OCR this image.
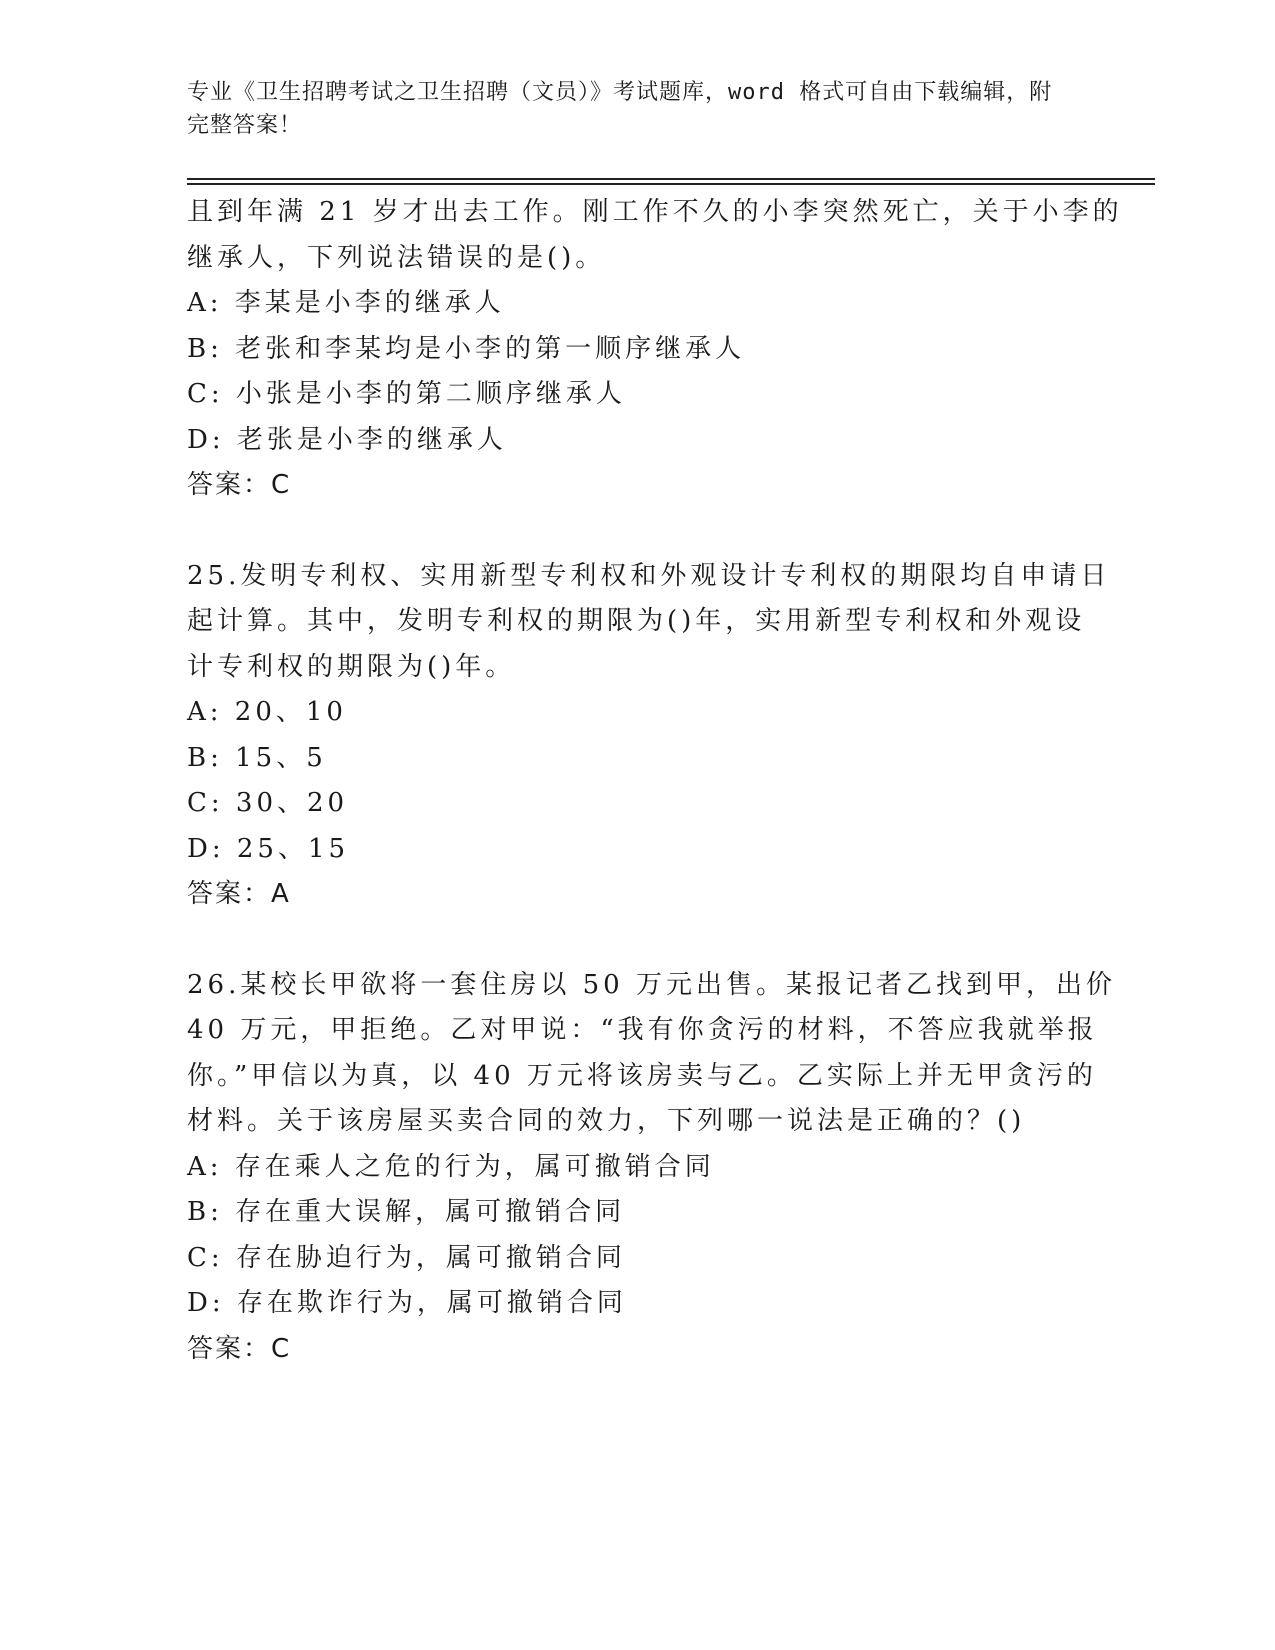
专业《卫生招聘考试之卫生招聘（文员）》考试题库，word 格式可自由下载编辑，附完整答案！

且到年满 21 岁才出去工作。刚工作不久的小李突然死亡，关于小李的

继承人，下列说法错误的是()。

A: 李某是小李的继承人

B: 老张和李某均是小李的第一顺序继承人

C: 小张是小李的第二顺序继承人

D: 老张是小李的继承人

答案：C

25.发明专利权、实用新型专利权和外观设计专利权的期限均自申请日

起计算。其中，发明专利权的期限为()年，实用新型专利权和外观设

计专利权的期限为()年。

A: 20、10

B: 15、5

C: 30、20

D: 25、15

答案：A

26.某校长甲欲将一套住房以 50 万元出售。某报记者乙找到甲，出价

40 万元，甲拒绝。乙对甲说：“我有你贪污的材料，不答应我就举报

你。”甲信以为真，以 40 万元将该房卖与乙。乙实际上并无甲贪污的

材料。关于该房屋买卖合同的效力，下列哪一说法是正确的？()

A: 存在乘人之危的行为，属可撤销合同

B: 存在重大误解，属可撤销合同

C: 存在胁迫行为，属可撤销合同

D: 存在欺诈行为，属可撤销合同

答案：C
